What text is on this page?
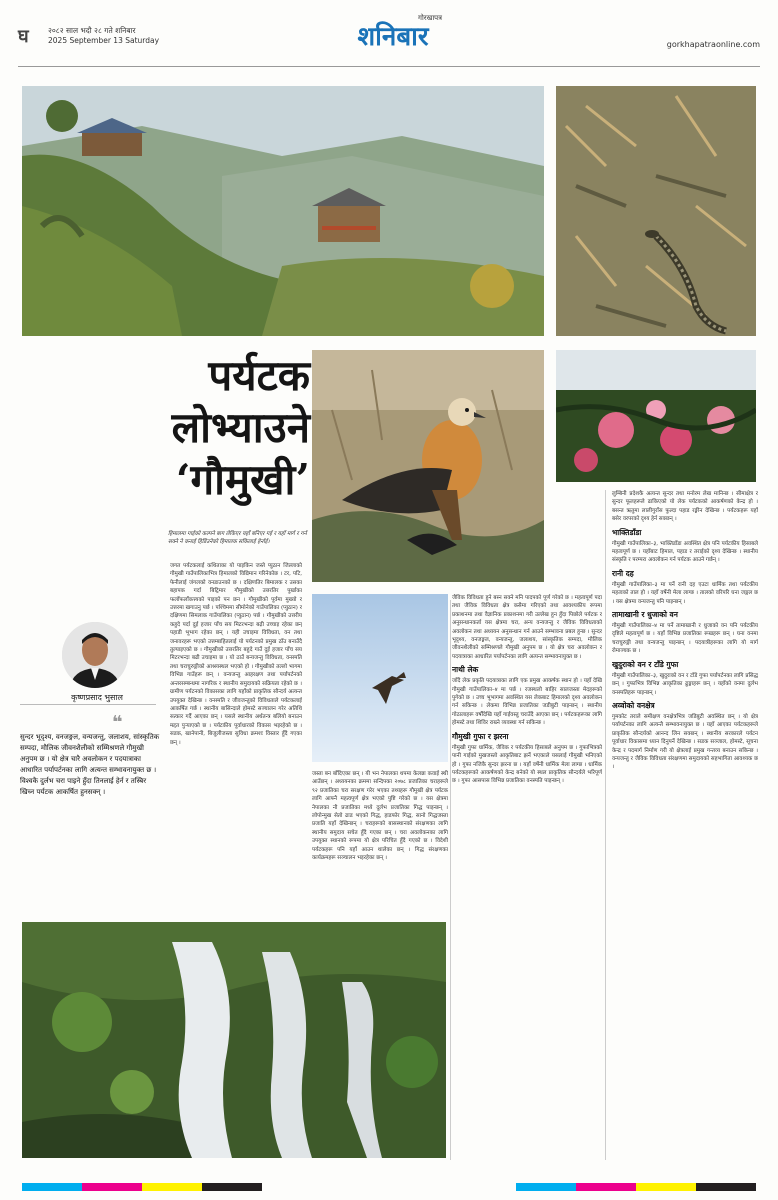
घ	२०८२ साल भदौ २८ गते शनिबार
2025 September 13 Saturday
गोरखापत्र
शनिबार	gorkhapatraonline.com
पर्यटक
लोभ्याउने
‘गौमुखी’
हिमालमा गाईको कल्पने बाग लेकिएर यहाँ बनिएर गई र यहाँ मार्ग र गर्न सक्ने ने कनाई हिडिंउनेको हिमालक सकिलाई हेर्नाई।
कृष्णप्रसाद भुसाल
❝
सुन्दर भूदृश्य, वनजङ्गल, वन्यजन्तु, जलाशय, सांस्कृतिक सम्पदा, मौलिक जीवनशैलीको सम्मिश्रणले गौमुखी अनुपम छ । यो क्षेत्र चारै अवलोकन र पदयात्राका आधारित पर्यापर्टनका लागि अत्यन्त सम्भावनायुक्त छ । विश्वकै दुर्लभ चरा पाइने हुँदा तिनलाई हेर्न र तस्बिर खिच्न पर्यटक आकर्षित हुनसक्न् ।

जगत पर्यटकलाई कथिताका यो पाइकिन जस्ते प्युठान जिल्लाको गौमुखी गाउँपालिकाभित्र हिमालको विद्यिमान गरिनेकोछ । टर, पटि, फेनीलाई जंगलको वनडाउनको छ । दक्षिणतिर बिमालक र उसका बहापक गर्दा बिट्रिमार गौमुखीको उत्तरतिर पुर्खाका फलाँफलाँकत्त्यको पाइको पन छन । गौमुखीको पूर्वमा मुख्यो र उत्तरमा खगाउनु पर्छ । पश्चिममा सीमोनेको गाउँपालिका (प्युठान) र दक्षिणमा सिमलाक गाउँपालिका (प्युठान) पर्छ । गौमुखीको उत्तरीय कहुदे पर्दा दुई हजार पाँच सय मिटरभन्दा बढ़ी उच्चाइ रहेका छन् पहाडी भूभाग रहेका छन् । यही उचाइमा विविधता, वन तथा जनावरहरू भएको उत्तम्बाहितलाई यो पर्यटनको प्रमुख ठाँउ बनाउँदै तुल्याइएको छ । गौमुखीको उत्तरतिर बहुदे गाउँ दुई हजार पाँच सय मिटरभन्दा बढी उचाइमा छ । यो ठाउँ बन्यजन्तु विविधता, वनस्पति तथा चराचुरुङ्गीको आश्रयस्थल भएको हो । गौमुखीको तल्लो भागमा विभिन्न गाउँहरू छन् । वन्यजन्तु आहरक्षण तथा पर्यापर्टनको अन्तरसम्बन्धमा नागरिक र स्थानीय समुदायको सक्रियता रहेको छ । ग्रामीण पर्यटनको विकासका लागि यहाँको प्राकृतिक सौन्दर्य अत्यन्त उपयुक्त देखिन्छ । वनस्पति र जीवजन्तुको विविधताले पर्यटकलाई आकर्षित गर्छ । स्थानीय बासिन्दाले होमस्टे सञ्चालन गरेर अतिथि सत्कार गर्दै आएका छन् । यसले स्थानीय अर्थतन्त्र बलियो बनाउन मद्दत पुर्‍याएको छ । पर्यटकीय पूर्वाधारको विकास भइरहेको छ । सडक, खानेपानी, बिजुलीजस्ता सुविधा क्रमशः विस्तार हुँदै गएका छन् ।

जस्ता बन बाँदिएका छन् । यी भन नेपालका थपमा केलन्ना कवाई स्थी आउँछन् । अध्ययनका क्रममा सन्दिपका २०७८ प्रजातिका चराहरूले ९२ प्रजातिका चरा सरक्षण गरेर भएका तथ्यहरू गौमुखी क्षेत्र पर्यटक लागि आफ्नै महत्वपूर्ण क्षेत्र भएको पुष्टि गरेको छ । यस क्षेत्रमा नेपालका नौ प्रजातिका मध्ये दुर्लभ प्रजातिका गिद्ध पाइन्छन् । लोपोन्मुख सेतो ढाड भएको गिद्ध, हाडफोर गिद्ध, सानो गिद्धजस्ता प्रजाति यहाँ देखिन्छन् । चराहरूको बासस्थानको संरक्षणका लागि स्थानीय समुदाय सचेत हुँदै गएका छन् । चरा अवलोकनका लागि उपयुक्त स्थानको रूपमा यो क्षेत्र परिचित हुँदै गएको छ । विदेशी पर्यटकहरू पनि यहाँ आउन थालेका छन् । गिद्ध संरक्षणका कार्यक्रमहरू सञ्चालन भइरहेका छन् ।

जैविक विविधता हुने बस्न सक्ने मनि पादपको पूर्ण गरेको छ । महत्वपूर्ण पदा तथा जैविक विविधता क्षेत्र कसैमा गरिएको तथा आवश्यकीय रूपमा प्रकाशनमा तथा वैज्ञानिक प्रकाशनमा गरी उल्लेख हुन हुँदा पिछोले पर्यटक र अनुसन्धानकर्ता यस क्षेत्रमा चरा, अन्य वन्यजन्तु र जैविक विविधताको अवलोकन तथा अध्ययन अनुसन्धान गर्न आउने सम्भावना प्रबल हुन्छ । सुन्दर भूदृश्य, वनजङ्गल, वन्यजन्तु, जलाशय, सांस्कृतिक सम्पदा, मौलिक जीवनशैलीको सम्मिश्रणले गौमुखी अनुपम छ । यो क्षेत्र चरा अवलोकन र पदयात्राका आधारित पर्यापर्टनका लागि अत्यन्त सम्भावनायुक्त छ ।

नाथी लेक

जाँदै लेक प्रकृति पदयात्राका लागि एक प्रमुख आकर्षक स्थान हो । यहाँ देखि गौमुखी गाउँपालिका–४ मा पर्छ । रजस्थलो बाहिर सालजस्ता मेदहरूको पुगेको छ । उच्च भूभागमा अवस्थित यस लेकबाट हिमालको दृश्य अवलोकन गर्न सकिन्छ । लेकमा विभिन्न प्रजातिका जडीबुटी पाइन्छन् । स्थानीय गोठालाहरू वर्षौंदेखि यहाँ गाईवस्तु चराउँदै आएका छन् । पर्यटकहरूका लागि होमस्टे तथा शिविर राख्ने व्यवस्था गर्न सकिन्छ ।

गौमुखी गुफा र झरना

गौमुखी गुफा धार्मिक, जैविक र पर्यटकीय हिसाबले अनुपम छ । गुफाभित्रको पानी गाईको मुखजस्तो आकृतिबाट झर्ने भएकाले यसलाई गौमुखी भनिएको हो । गुफा नजिकै सुन्दर झरना छ । यहाँ वर्षेनी धार्मिक मेला लाग्छ । धार्मिक पर्यटकहरूको आकर्षणको केन्द्र बनेको यो स्थल प्राकृतिक सौन्दर्यले भरिपूर्ण छ । गुफा आसपास विभिन्न प्रजातिका वनस्पति पाइन्छन् ।

लुम्बिनी प्रदेशकै अत्यन्त सुन्दर तथा मनोरम लेख मानिन्छ । सीमाक्षेत्र र सुन्दर फूलहरूले ढाकिएको यो लेक पर्यटकको आकर्षणको केन्द्र हो । बसन्त ऋतुमा लालीगुराँस फुल्दा पहाड रङ्गीन देखिन्छ । पर्यटकहरू यहाँ बसेर वरपरको दृश्य हेर्न सक्छन् ।

भाक्तिडाँडा

गौमुखी गाउँपालिका–३, भाक्तिडाँडा अवस्थित क्षेत्र पनि पर्यटकीय हिसाबले महत्वपूर्ण छ । यहाँबाट हिमाल, पहाड र तराईको दृश्य देखिन्छ । स्थानीय संस्कृति र परम्परा अवलोकन गर्न पर्यटक आउने गर्छन् ।

रानी दह

गौमुखी गाउँपालिका–३ मा पर्ने रानी दह एउटा धार्मिक तथा पर्यटकीय महत्वको ताल हो । यहाँ वर्षेनी मेला लाग्छ । तालको वरिपरि घना जङ्गल छ । यस क्षेत्रमा वन्यजन्तु पनि पाइन्छन् ।

तामाखानी र धुजाको वन

गौमुखी गाउँपालिका–४ मा पर्ने तामाखानी र धुजाको वन पनि पर्यटकीय दृष्टिले महत्वपूर्ण छ । यहाँ विभिन्न प्रजातिका रूखहरू छन् । घना वनमा चराचुरुङ्गी तथा वन्यजन्तु पाइन्छन् । पदयात्रीहरूका लागि यो मार्ग रोमाञ्चक छ ।

खुदुराको वन र टाँडे गुफा

गौमुखी गाउँपालिका–३, खुदुराको वन र टाँडे गुफा पर्यापर्टनका लागि प्रसिद्ध छन् । गुफाभित्र विभिन्न आकृतिका ढुङ्गाहरू छन् । यहाँको वनमा दुर्लभ वनस्पतिहरू पाइन्छन् ।

अव्वोको वनक्षेत्र

गुमकोट तराले समीक्षण वनक्षेत्रभित्र जडिबुटी अवस्थित छन् । यो क्षेत्र पर्यापर्टनका लागि अत्यन्तै सम्भावनायुक्त छ । यहाँ आएका पर्यटकहरूले प्राकृतिक सौन्दर्यको आनन्द लिन सक्छन् । स्थानीय सरकारले पर्यटन पूर्वाधार विकासमा ध्यान दिनुपर्ने देखिन्छ । सडक सञ्जाल, होमस्टे, सूचना केन्द्र र पदमार्ग निर्माण गरी यो क्षेत्रलाई प्रमुख गन्तव्य बनाउन सकिन्छ । वन्यजन्तु र जैविक विविधता संरक्षणमा समुदायको सहभागिता आवश्यक छ ।
